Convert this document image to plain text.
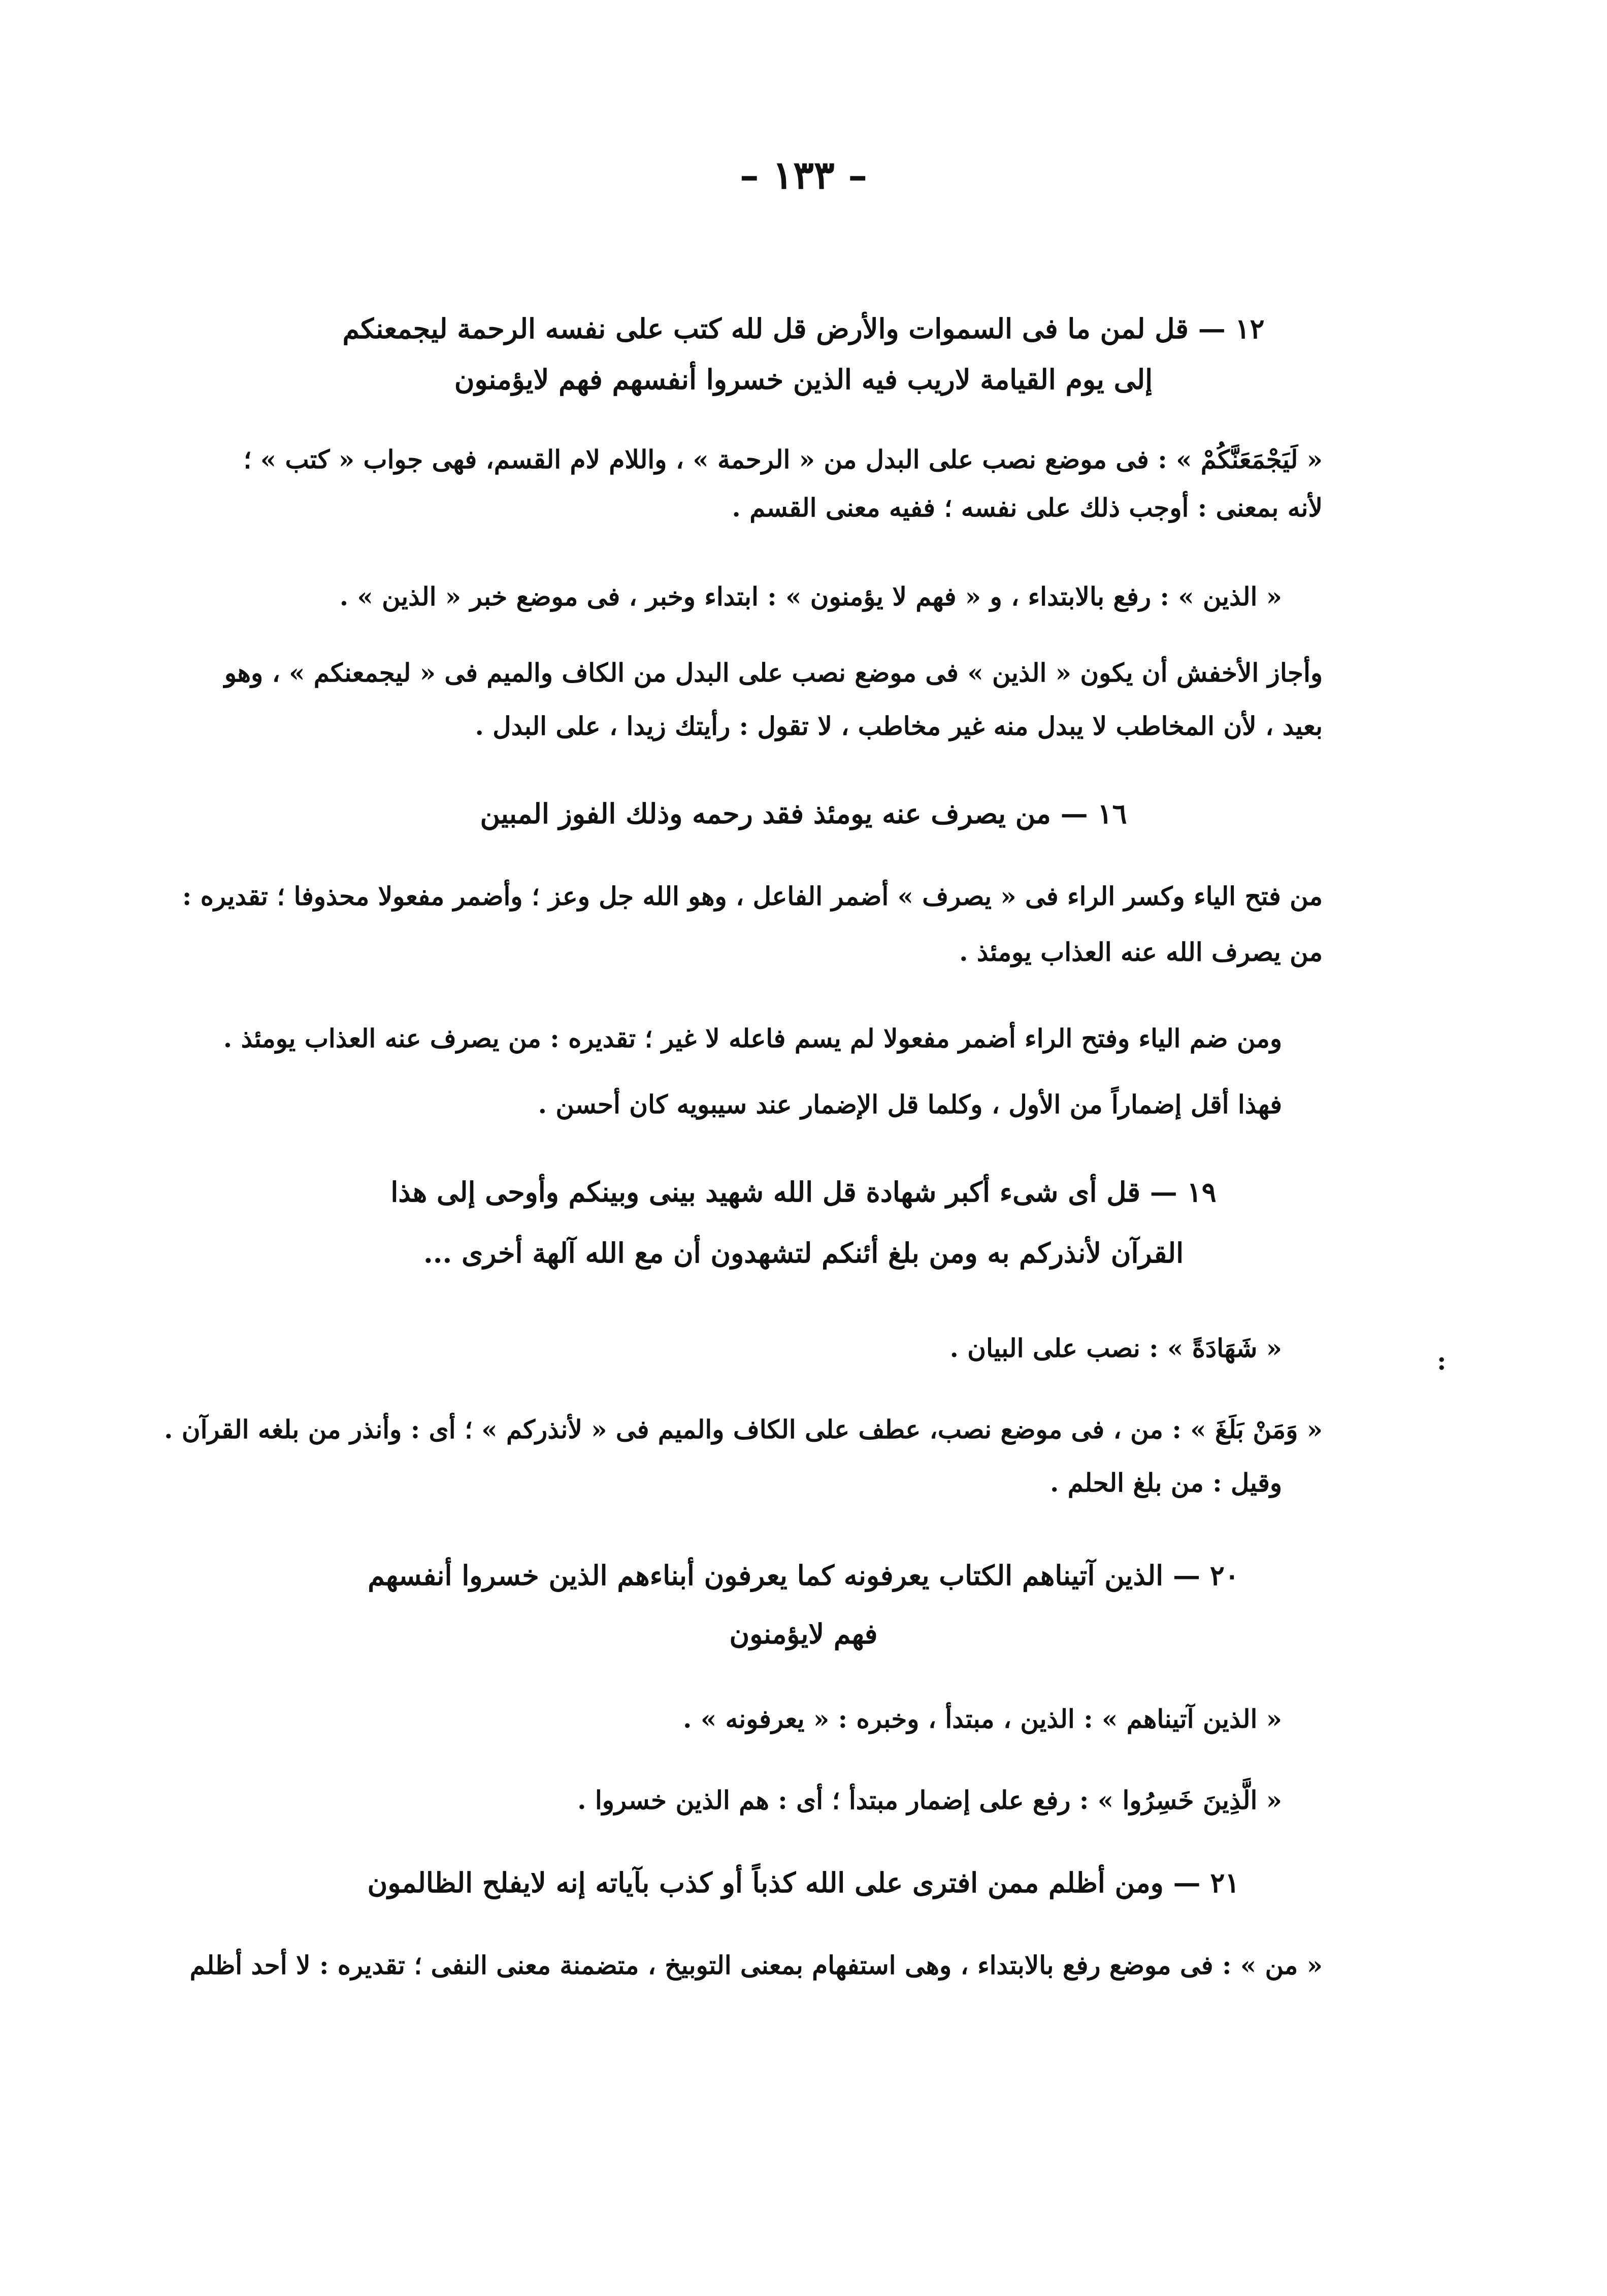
– ١٣٣ –
١٢ — قل لمن ما فى السموات والأرض قل لله كتب على نفسه الرحمة ليجمعنكم
إلى يوم القيامة لاريب فيه الذين خسروا أنفسهم فهم لايؤمنون
« لَيَجْمَعَنَّكُمْ » : فى موضع نصب على البدل من « الرحمة » ، واللام لام القسم، فهى جواب « كتب » ؛
لأنه بمعنى : أوجب ذلك على نفسه ؛ ففيه معنى القسم .
« الذين » : رفع بالابتداء ، و « فهم لا يؤمنون » : ابتداء وخبر ، فى موضع خبر « الذين » .
وأجاز الأخفش أن يكون « الذين » فى موضع نصب على البدل من الكاف والميم فى « ليجمعنكم » ، وهو
بعيد ، لأن المخاطب لا يبدل منه غير مخاطب ، لا تقول : رأيتك زيدا ، على البدل .
١٦ — من يصرف عنه يومئذ فقد رحمه وذلك الفوز المبين
من فتح الياء وكسر الراء فى « يصرف » أضمر الفاعل ، وهو الله جل وعز ؛ وأضمر مفعولا محذوفا ؛ تقديره :
من يصرف الله عنه العذاب يومئذ .
ومن ضم الياء وفتح الراء أضمر مفعولا لم يسم فاعله لا غير ؛ تقديره : من يصرف عنه العذاب يومئذ .
فهذا أقل إضماراً من الأول ، وكلما قل الإضمار عند سيبويه كان أحسن .
١٩ — قل أى شىء أكبر شهادة قل الله شهيد بينى وبينكم وأوحى إلى هذا
القرآن لأنذركم به ومن بلغ أئنكم لتشهدون أن مع الله آلهة أخرى ...
« شَهَادَةً » : نصب على البيان .
« وَمَنْ بَلَغَ » : من ، فى موضع نصب، عطف على الكاف والميم فى « لأنذركم » ؛ أى : وأنذر من بلغه القرآن .
وقيل : من بلغ الحلم .
٢٠ — الذين آتيناهم الكتاب يعرفونه كما يعرفون أبناءهم الذين خسروا أنفسهم
فهم لايؤمنون
« الذين آتيناهم » : الذين ، مبتدأ ، وخبره : « يعرفونه » .
« الَّذِينَ خَسِرُوا » : رفع على إضمار مبتدأ ؛ أى : هم الذين خسروا .
٢١ — ومن أظلم ممن افترى على الله كذباً أو كذب بآياته إنه لايفلح الظالمون
« من » : فى موضع رفع بالابتداء ، وهى استفهام بمعنى التوبيخ ، متضمنة معنى النفى ؛ تقديره : لا أحد أظلم
:
